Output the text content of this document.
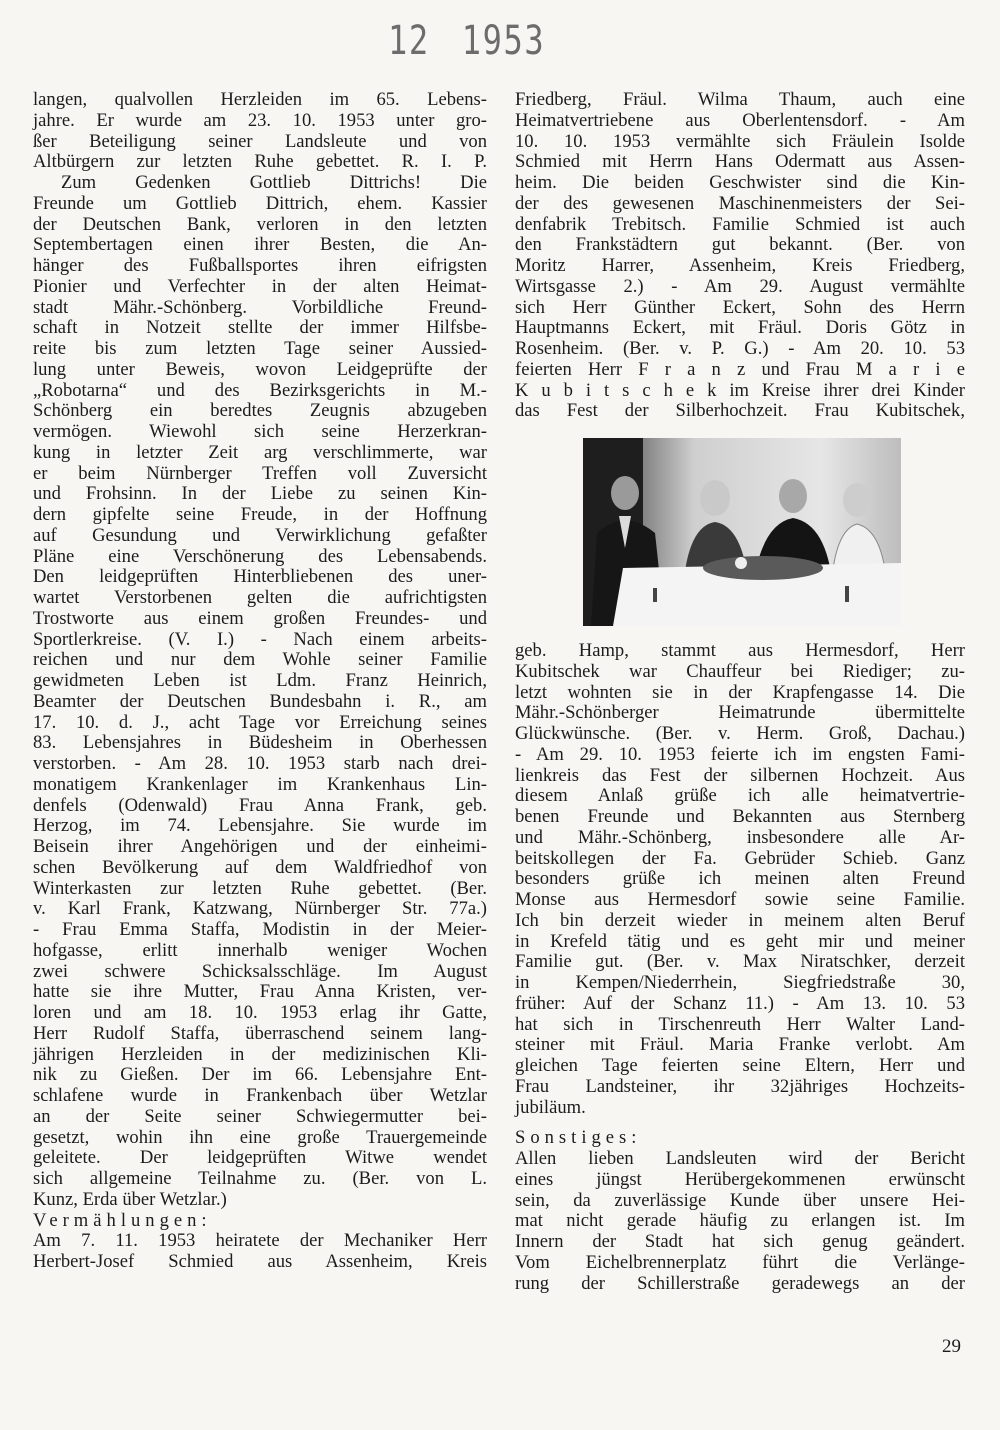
12 1953
langen, qualvollen Herzleiden im 65. Lebens-
jahre. Er wurde am 23. 10. 1953 unter gro-
ßer Beteiligung seiner Landsleute und von
Altbürgern zur letzten Ruhe gebettet. R. I. P.
Zum Gedenken Gottlieb Dittrichs! Die
Freunde um Gottlieb Dittrich, ehem. Kassier
der Deutschen Bank, verloren in den letzten
Septembertagen einen ihrer Besten, die An-
hänger des Fußballsportes ihren eifrigsten
Pionier und Verfechter in der alten Heimat-
stadt Mähr.-Schönberg. Vorbildliche Freund-
schaft in Notzeit stellte der immer Hilfsbe-
reite bis zum letzten Tage seiner Aussied-
lung unter Beweis, wovon Leidgeprüfte der
„Robotarna“ und des Bezirksgerichts in M.-
Schönberg ein beredtes Zeugnis abzugeben
vermögen. Wiewohl sich seine Herzerkran-
kung in letzter Zeit arg verschlimmerte, war
er beim Nürnberger Treffen voll Zuversicht
und Frohsinn. In der Liebe zu seinen Kin-
dern gipfelte seine Freude, in der Hoffnung
auf Gesundung und Verwirklichung gefaßter
Pläne eine Verschönerung des Lebensabends.
Den leidgeprüften Hinterbliebenen des uner-
wartet Verstorbenen gelten die aufrichtigsten
Trostworte aus einem großen Freundes- und
Sportlerkreise. (V. I.) - Nach einem arbeits-
reichen und nur dem Wohle seiner Familie
gewidmeten Leben ist Ldm. Franz Heinrich,
Beamter der Deutschen Bundesbahn i. R., am
17. 10. d. J., acht Tage vor Erreichung seines
83. Lebensjahres in Büdesheim in Oberhessen
verstorben. - Am 28. 10. 1953 starb nach drei-
monatigem Krankenlager im Krankenhaus Lin-
denfels (Odenwald) Frau Anna Frank, geb.
Herzog, im 74. Lebensjahre. Sie wurde im
Beisein ihrer Angehörigen und der einheimi-
schen Bevölkerung auf dem Waldfriedhof von
Winterkasten zur letzten Ruhe gebettet. (Ber.
v. Karl Frank, Katzwang, Nürnberger Str. 77a.)
- Frau Emma Staffa, Modistin in der Meier-
hofgasse, erlitt innerhalb weniger Wochen
zwei schwere Schicksalsschläge. Im August
hatte sie ihre Mutter, Frau Anna Kristen, ver-
loren und am 18. 10. 1953 erlag ihr Gatte,
Herr Rudolf Staffa, überraschend seinem lang-
jährigen Herzleiden in der medizinischen Kli-
nik zu Gießen. Der im 66. Lebensjahre Ent-
schlafene wurde in Frankenbach über Wetzlar
an der Seite seiner Schwiegermutter bei-
gesetzt, wohin ihn eine große Trauergemeinde
geleitete. Der leidgeprüften Witwe wendet
sich allgemeine Teilnahme zu. (Ber. von L.
Kunz, Erda über Wetzlar.)
Vermählungen:
Am 7. 11. 1953 heiratete der Mechaniker Herr
Herbert-Josef Schmied aus Assenheim, Kreis
Friedberg, Fräul. Wilma Thaum, auch eine
Heimatvertriebene aus Oberlentensdorf. - Am
10. 10. 1953 vermählte sich Fräulein Isolde
Schmied mit Herrn Hans Odermatt aus Assen-
heim. Die beiden Geschwister sind die Kin-
der des gewesenen Maschinenmeisters der Sei-
denfabrik Trebitsch. Familie Schmied ist auch
den Frankstädtern gut bekannt. (Ber. von
Moritz Harrer, Assenheim, Kreis Friedberg,
Wirtsgasse 2.) - Am 29. August vermählte
sich Herr Günther Eckert, Sohn des Herrn
Hauptmanns Eckert, mit Fräul. Doris Götz in
Rosenheim. (Ber. v. P. G.) - Am 20. 10. 53
feierten Herr F r a n z und Frau M a r i e
K u b i t s c h e k im Kreise ihrer drei Kinder
das Fest der Silberhochzeit. Frau Kubitschek,
geb. Hamp, stammt aus Hermesdorf, Herr
Kubitschek war Chauffeur bei Riediger; zu-
letzt wohnten sie in der Krapfengasse 14. Die
Mähr.-Schönberger Heimatrunde übermittelte
Glückwünsche. (Ber. v. Herm. Groß, Dachau.)
- Am 29. 10. 1953 feierte ich im engsten Fami-
lienkreis das Fest der silbernen Hochzeit. Aus
diesem Anlaß grüße ich alle heimatvertrie-
benen Freunde und Bekannten aus Sternberg
und Mähr.-Schönberg, insbesondere alle Ar-
beitskollegen der Fa. Gebrüder Schieb. Ganz
besonders grüße ich meinen alten Freund
Monse aus Hermesdorf sowie seine Familie.
Ich bin derzeit wieder in meinem alten Beruf
in Krefeld tätig und es geht mir und meiner
Familie gut. (Ber. v. Max Niratschker, derzeit
in Kempen/Niederrhein, Siegfriedstraße 30,
früher: Auf der Schanz 11.) - Am 13. 10. 53
hat sich in Tirschenreuth Herr Walter Land-
steiner mit Fräul. Maria Franke verlobt. Am
gleichen Tage feierten seine Eltern, Herr und
Frau Landsteiner, ihr 32jähriges Hochzeits-
jubiläum.
Sonstiges:
Allen lieben Landsleuten wird der Bericht
eines jüngst Herübergekommenen erwünscht
sein, da zuverlässige Kunde über unsere Hei-
mat nicht gerade häufig zu erlangen ist. Im
Innern der Stadt hat sich genug geändert.
Vom Eichelbrennerplatz führt die Verlänge-
rung der Schillerstraße geradewegs an der
29
